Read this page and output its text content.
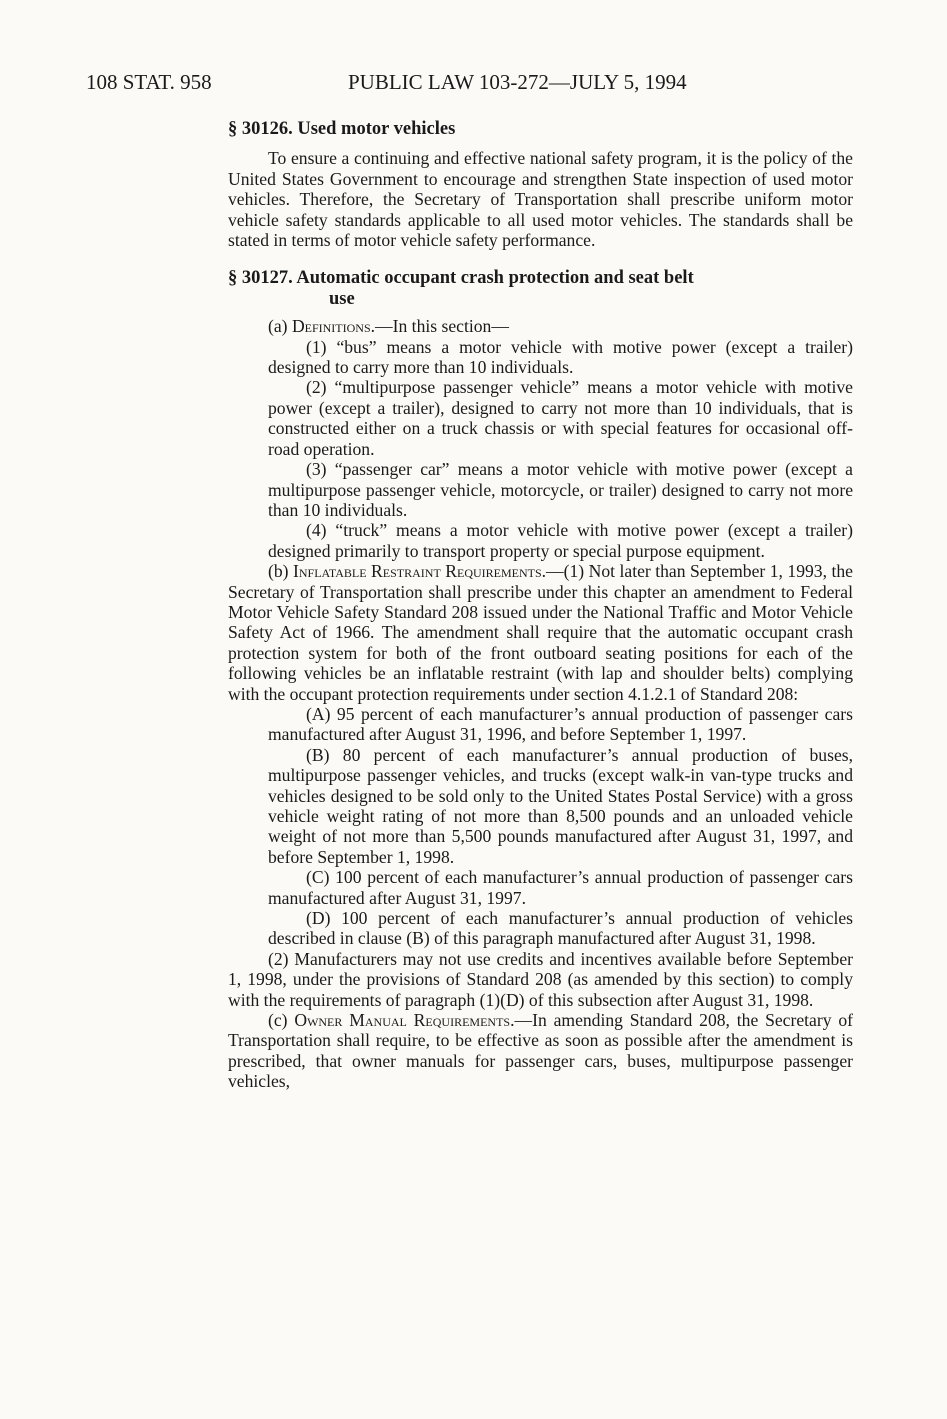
108 STAT. 958	PUBLIC LAW 103-272—JULY 5, 1994
§ 30126. Used motor vehicles

To ensure a continuing and effective national safety program, it is the policy of the United States Government to encourage and strengthen State inspection of used motor vehicles. Therefore, the Secretary of Transportation shall prescribe uniform motor vehicle safety standards applicable to all used motor vehicles. The standards shall be stated in terms of motor vehicle safety performance.

§ 30127. Automatic occupant crash protection and seat belt
use

(a) Definitions.—In this section—

(1) “bus” means a motor vehicle with motive power (except a trailer) designed to carry more than 10 individuals.

(2) “multipurpose passenger vehicle” means a motor vehicle with motive power (except a trailer), designed to carry not more than 10 individuals, that is constructed either on a truck chassis or with special features for occasional off-road operation.

(3) “passenger car” means a motor vehicle with motive power (except a multipurpose passenger vehicle, motorcycle, or trailer) designed to carry not more than 10 individuals.

(4) “truck” means a motor vehicle with motive power (except a trailer) designed primarily to transport property or special purpose equipment.

(b) Inflatable Restraint Requirements.—(1) Not later than September 1, 1993, the Secretary of Transportation shall prescribe under this chapter an amendment to Federal Motor Vehicle Safety Standard 208 issued under the National Traffic and Motor Vehicle Safety Act of 1966. The amendment shall require that the automatic occupant crash protection system for both of the front outboard seating positions for each of the following vehicles be an inflatable restraint (with lap and shoulder belts) complying with the occupant protection requirements under section 4.1.2.1 of Standard 208:

(A) 95 percent of each manufacturer’s annual production of passenger cars manufactured after August 31, 1996, and before September 1, 1997.

(B) 80 percent of each manufacturer’s annual production of buses, multipurpose passenger vehicles, and trucks (except walk-in van-type trucks and vehicles designed to be sold only to the United States Postal Service) with a gross vehicle weight rating of not more than 8,500 pounds and an unloaded vehicle weight of not more than 5,500 pounds manufactured after August 31, 1997, and before September 1, 1998.

(C) 100 percent of each manufacturer’s annual production of passenger cars manufactured after August 31, 1997.

(D) 100 percent of each manufacturer’s annual production of vehicles described in clause (B) of this paragraph manufactured after August 31, 1998.

(2) Manufacturers may not use credits and incentives available before September 1, 1998, under the provisions of Standard 208 (as amended by this section) to comply with the requirements of paragraph (1)(D) of this subsection after August 31, 1998.

(c) Owner Manual Requirements.—In amending Standard 208, the Secretary of Transportation shall require, to be effective as soon as possible after the amendment is prescribed, that owner manuals for passenger cars, buses, multipurpose passenger vehicles,
